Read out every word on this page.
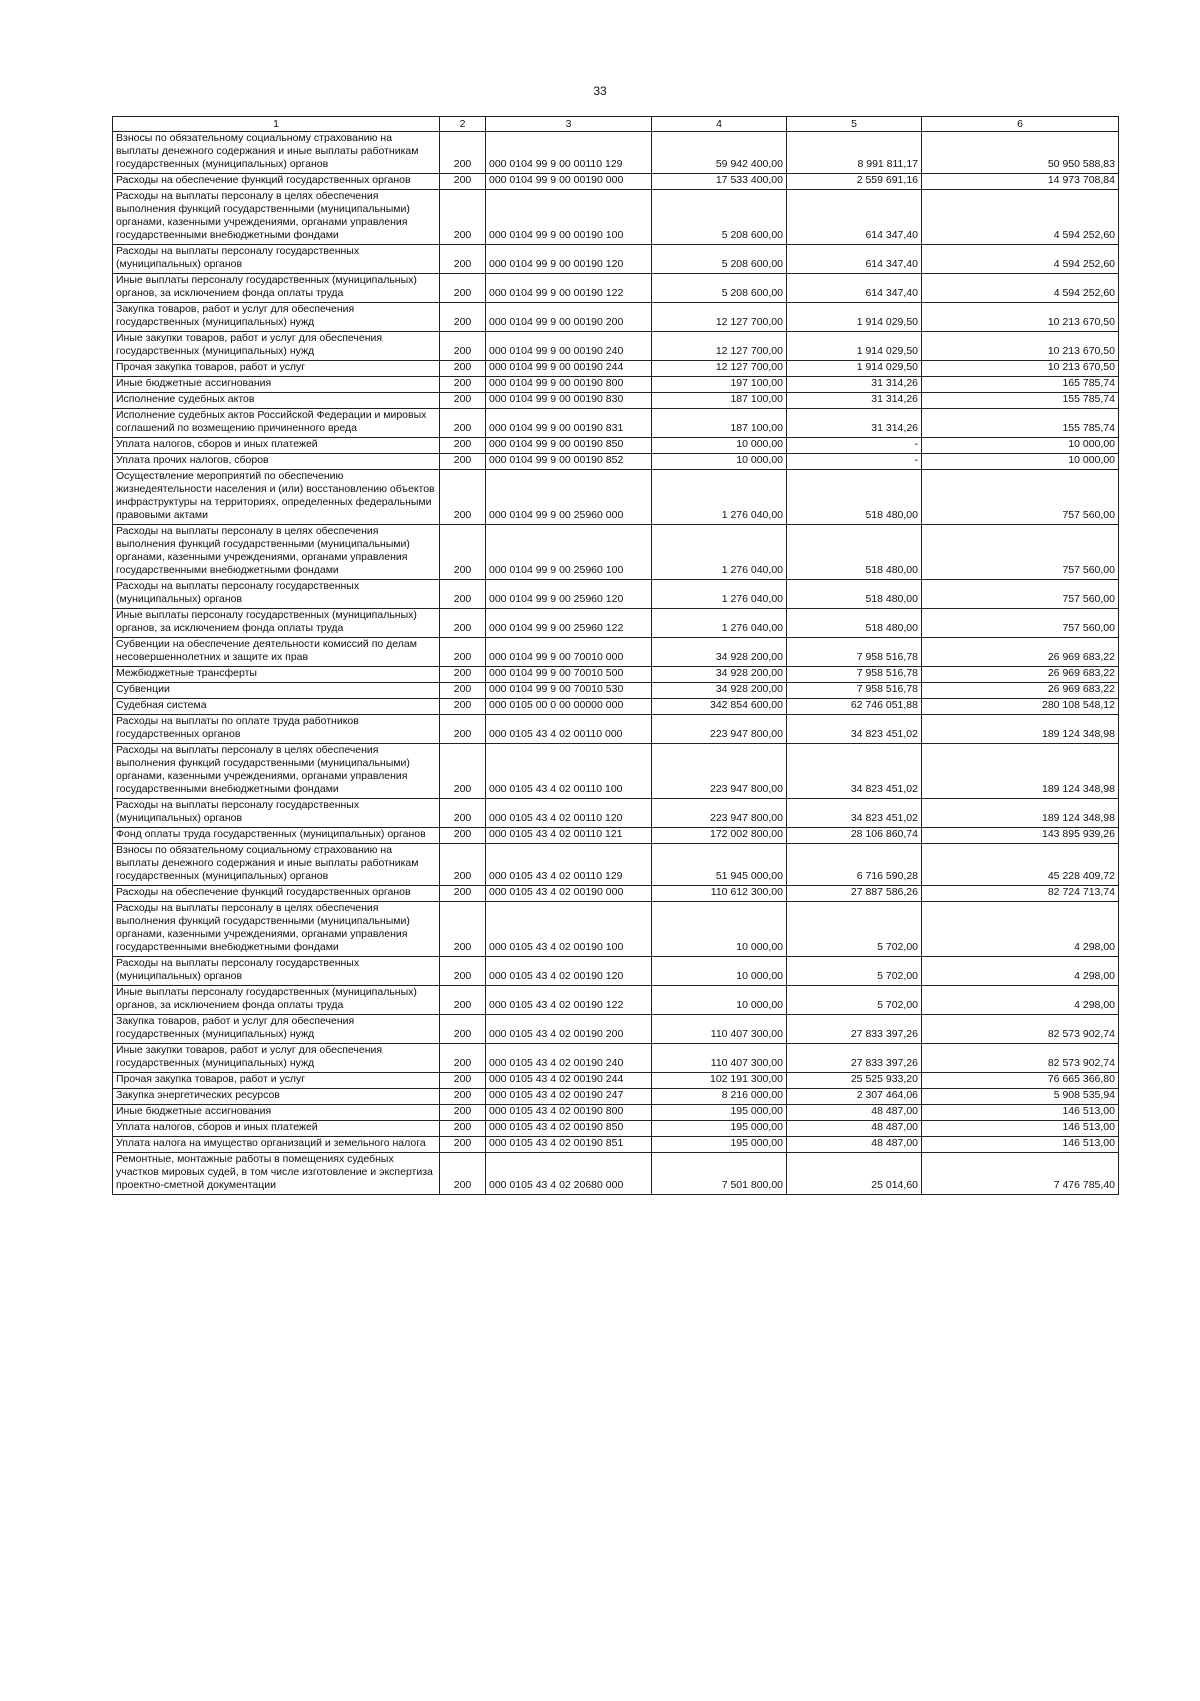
33
1	2	3	4	5	6
Взносы по обязательному социальному страхованию на выплаты денежного содержания и иные выплаты работникам государственных (муниципальных) органов	200	000 0104 99 9 00 00110 129	59 942 400,00	8 991 811,17	50 950 588,83
Расходы на обеспечение функций государственных органов	200	000 0104 99 9 00 00190 000	17 533 400,00	2 559 691,16	14 973 708,84
Расходы на выплаты персоналу в целях обеспечения выполнения функций государственными (муниципальными) органами, казенными учреждениями, органами управления государственными внебюджетными фондами	200	000 0104 99 9 00 00190 100	5 208 600,00	614 347,40	4 594 252,60
Расходы на выплаты персоналу государственных (муниципальных) органов	200	000 0104 99 9 00 00190 120	5 208 600,00	614 347,40	4 594 252,60
Иные выплаты персоналу государственных (муниципальных) органов, за исключением фонда оплаты труда	200	000 0104 99 9 00 00190 122	5 208 600,00	614 347,40	4 594 252,60
Закупка товаров, работ и услуг для обеспечения государственных (муниципальных) нужд	200	000 0104 99 9 00 00190 200	12 127 700,00	1 914 029,50	10 213 670,50
Иные закупки товаров, работ и услуг для обеспечения государственных (муниципальных) нужд	200	000 0104 99 9 00 00190 240	12 127 700,00	1 914 029,50	10 213 670,50
Прочая закупка товаров, работ и услуг	200	000 0104 99 9 00 00190 244	12 127 700,00	1 914 029,50	10 213 670,50
Иные бюджетные ассигнования	200	000 0104 99 9 00 00190 800	197 100,00	31 314,26	165 785,74
Исполнение судебных актов	200	000 0104 99 9 00 00190 830	187 100,00	31 314,26	155 785,74
Исполнение судебных актов Российской Федерации и мировых соглашений по возмещению причиненного вреда	200	000 0104 99 9 00 00190 831	187 100,00	31 314,26	155 785,74
Уплата налогов, сборов и иных платежей	200	000 0104 99 9 00 00190 850	10 000,00	-	10 000,00
Уплата прочих налогов, сборов	200	000 0104 99 9 00 00190 852	10 000,00	-	10 000,00
Осуществление мероприятий по обеспечению жизнедеятельности населения и (или) восстановлению объектов инфраструктуры на территориях, определенных федеральными правовыми актами	200	000 0104 99 9 00 25960 000	1 276 040,00	518 480,00	757 560,00
Расходы на выплаты персоналу в целях обеспечения выполнения функций государственными (муниципальными) органами, казенными учреждениями, органами управления государственными внебюджетными фондами	200	000 0104 99 9 00 25960 100	1 276 040,00	518 480,00	757 560,00
Расходы на выплаты персоналу государственных (муниципальных) органов	200	000 0104 99 9 00 25960 120	1 276 040,00	518 480,00	757 560,00
Иные выплаты персоналу государственных (муниципальных) органов, за исключением фонда оплаты труда	200	000 0104 99 9 00 25960 122	1 276 040,00	518 480,00	757 560,00
Субвенции на обеспечение деятельности комиссий по делам несовершеннолетних и защите их прав	200	000 0104 99 9 00 70010 000	34 928 200,00	7 958 516,78	26 969 683,22
Межбюджетные трансферты	200	000 0104 99 9 00 70010 500	34 928 200,00	7 958 516,78	26 969 683,22
Субвенции	200	000 0104 99 9 00 70010 530	34 928 200,00	7 958 516,78	26 969 683,22
Судебная система	200	000 0105 00 0 00 00000 000	342 854 600,00	62 746 051,88	280 108 548,12
Расходы на выплаты по оплате труда работников государственных органов	200	000 0105 43 4 02 00110 000	223 947 800,00	34 823 451,02	189 124 348,98
Расходы на выплаты персоналу в целях обеспечения выполнения функций государственными (муниципальными) органами, казенными учреждениями, органами управления государственными внебюджетными фондами	200	000 0105 43 4 02 00110 100	223 947 800,00	34 823 451,02	189 124 348,98
Расходы на выплаты персоналу государственных (муниципальных) органов	200	000 0105 43 4 02 00110 120	223 947 800,00	34 823 451,02	189 124 348,98
Фонд оплаты труда государственных (муниципальных) органов	200	000 0105 43 4 02 00110 121	172 002 800,00	28 106 860,74	143 895 939,26
Взносы по обязательному социальному страхованию на выплаты денежного содержания и иные выплаты работникам государственных (муниципальных) органов	200	000 0105 43 4 02 00110 129	51 945 000,00	6 716 590,28	45 228 409,72
Расходы на обеспечение функций государственных органов	200	000 0105 43 4 02 00190 000	110 612 300,00	27 887 586,26	82 724 713,74
Расходы на выплаты персоналу в целях обеспечения выполнения функций государственными (муниципальными) органами, казенными учреждениями, органами управления государственными внебюджетными фондами	200	000 0105 43 4 02 00190 100	10 000,00	5 702,00	4 298,00
Расходы на выплаты персоналу государственных (муниципальных) органов	200	000 0105 43 4 02 00190 120	10 000,00	5 702,00	4 298,00
Иные выплаты персоналу государственных (муниципальных) органов, за исключением фонда оплаты труда	200	000 0105 43 4 02 00190 122	10 000,00	5 702,00	4 298,00
Закупка товаров, работ и услуг для обеспечения государственных (муниципальных) нужд	200	000 0105 43 4 02 00190 200	110 407 300,00	27 833 397,26	82 573 902,74
Иные закупки товаров, работ и услуг для обеспечения государственных (муниципальных) нужд	200	000 0105 43 4 02 00190 240	110 407 300,00	27 833 397,26	82 573 902,74
Прочая закупка товаров, работ и услуг	200	000 0105 43 4 02 00190 244	102 191 300,00	25 525 933,20	76 665 366,80
Закупка энергетических ресурсов	200	000 0105 43 4 02 00190 247	8 216 000,00	2 307 464,06	5 908 535,94
Иные бюджетные ассигнования	200	000 0105 43 4 02 00190 800	195 000,00	48 487,00	146 513,00
Уплата налогов, сборов и иных платежей	200	000 0105 43 4 02 00190 850	195 000,00	48 487,00	146 513,00
Уплата налога на имущество организаций и земельного налога	200	000 0105 43 4 02 00190 851	195 000,00	48 487,00	146 513,00
Ремонтные, монтажные работы в помещениях судебных участков мировых судей, в том числе изготовление и экспертиза проектно-сметной документации	200	000 0105 43 4 02 20680 000	7 501 800,00	25 014,60	7 476 785,40
